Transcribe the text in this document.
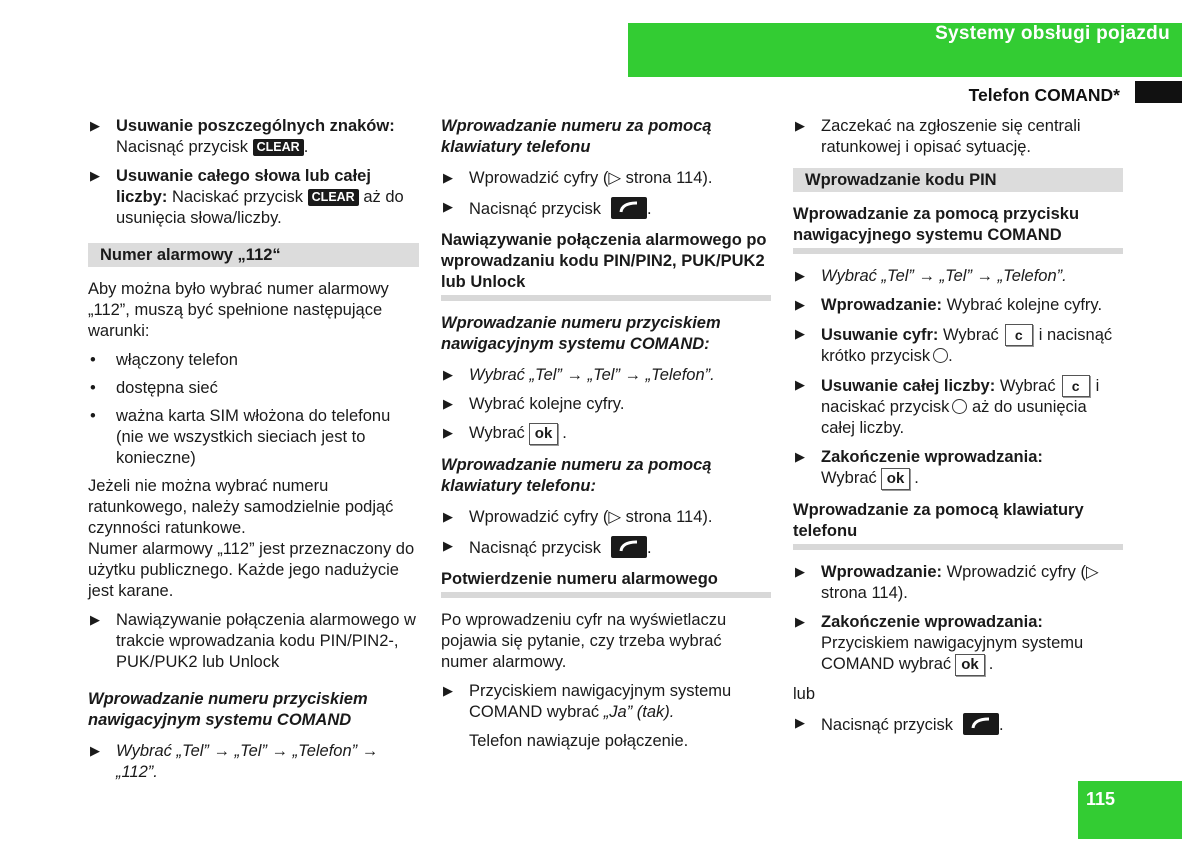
Systemy obsługi pojazdu
Telefon COMAND*
▶ Usuwanie poszczególnych znaków:
Nacisnąć przycisk CLEAR .
▶ Usuwanie całego słowa lub całej liczby: Naciskać przycisk CLEAR aż do usunięcia słowa/liczby.
Numer alarmowy „112“
Aby można było wybrać numer alarmowy „112”, muszą być spełnione następujące warunki:
• włączony telefon
• dostępna sieć
• ważna karta SIM włożona do telefonu (nie we wszystkich sieciach jest to konieczne)
Jeżeli nie można wybrać numeru ratunkowego, należy samodzielnie podjąć czynności ratunkowe.
Numer alarmowy „112” jest przeznaczony do użytku publicznego. Każde jego nadużycie jest karane.
▶ Nawiązywanie połączenia alarmowego w trakcie wprowadzania kodu PIN/PIN2-, PUK/PUK2 lub Unlock
Wprowadzanie numeru przyciskiem nawigacyjnym systemu COMAND
▶ Wybrać „Tel” → „Tel” → „Telefon” → „112”.
Wprowadzanie numeru za pomocą klawiatury telefonu
▶ Wprowadzić cyfry (▷ strona 114).
▶ Nacisnąć przycisk	.
Nawiązywanie połączenia alarmowego po wprowadzaniu kodu PIN/PIN2, PUK/PUK2 lub Unlock
Wprowadzanie numeru przyciskiem nawigacyjnym systemu COMAND:
▶ Wybrać „Tel” → „Tel” → „Telefon”.
▶ Wybrać kolejne cyfry.
▶ Wybrać ok .
Wprowadzanie numeru za pomocą klawiatury telefonu:
▶ Wprowadzić cyfry (▷ strona 114).
▶ Nacisnąć przycisk	.
Potwierdzenie numeru alarmowego
Po wprowadzeniu cyfr na wyświetlaczu pojawia się pytanie, czy trzeba wybrać numer alarmowy.
▶ Przyciskiem nawigacyjnym systemu COMAND wybrać „Ja” (tak).
Telefon nawiązuje połączenie.
▶ Zaczekać na zgłoszenie się centrali ratunkowej i opisać sytuację.
Wprowadzanie kodu PIN
Wprowadzanie za pomocą przycisku nawigacyjnego systemu COMAND
▶ Wybrać „Tel” → „Tel” → „Telefon”.
▶ Wprowadzanie: Wybrać kolejne cyfry.
▶ Usuwanie cyfr: Wybrać c i nacisnąć krótko przycisk .
▶ Usuwanie całej liczby: Wybrać c i naciskać przycisk aż do usunięcia całej liczby.
▶ Zakończenie wprowadzania:
Wybrać ok .
Wprowadzanie za pomocą klawiatury telefonu
▶ Wprowadzanie: Wprowadzić cyfry (▷ strona 114).
▶ Zakończenie wprowadzania: Przyciskiem nawigacyjnym systemu COMAND wybrać ok .
lub
▶ Nacisnąć przycisk	.
115
